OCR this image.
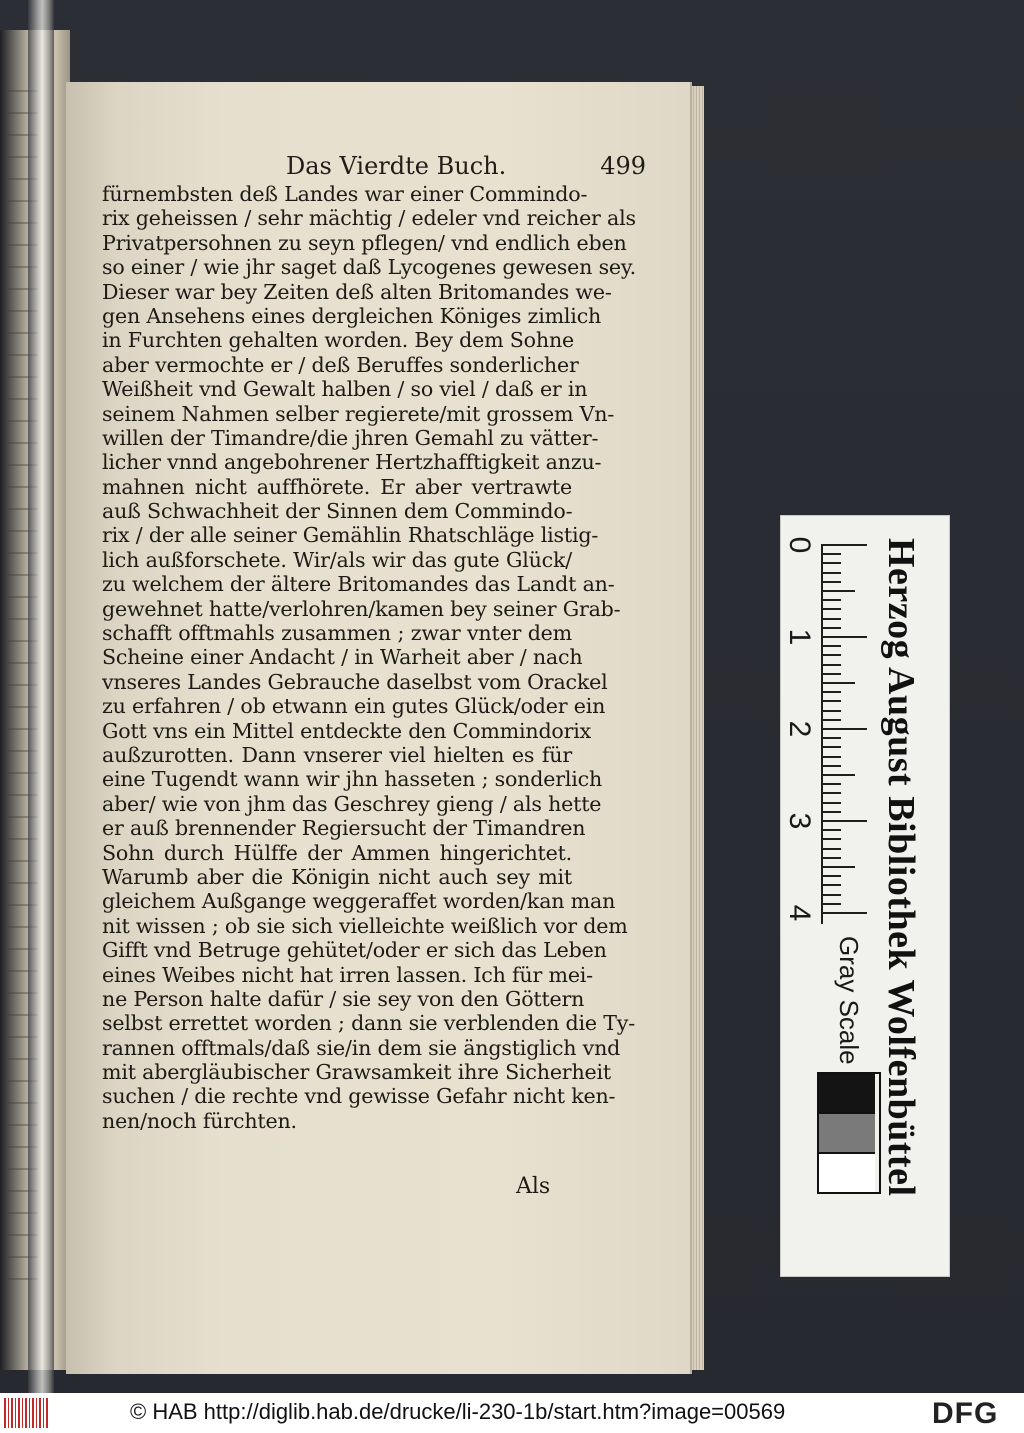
Das Vierdte Buch.	499
fürnembsten deß Landes war einer Commindo-
rix geheissen / sehr mächtig / edeler vnd reicher als
Privatpersohnen zu seyn pflegen/ vnd endlich eben
so einer / wie jhr saget daß Lycogenes gewesen sey.
Dieser war bey Zeiten deß alten Britomandes we-
gen Ansehens eines dergleichen Königes zimlich
in Furchten gehalten worden. Bey dem Sohne
aber vermochte er / deß Beruffes sonderlicher
Weißheit vnd Gewalt halben / so viel / daß er in
seinem Nahmen selber regierete/mit grossem Vn-
willen der Timandre/die jhren Gemahl zu vätter-
licher vnnd angebohrener Hertzhafftigkeit anzu-
mahnen nicht auffhörete. Er aber vertrawte
auß Schwachheit der Sinnen dem Commindo-
rix / der alle seiner Gemählin Rhatschläge listig-
lich außforschete. Wir/als wir das gute Glück/
zu welchem der ältere Britomandes das Landt an-
gewehnet hatte/verlohren/kamen bey seiner Grab-
schafft offtmahls zusammen ; zwar vnter dem
Scheine einer Andacht / in Warheit aber / nach
vnseres Landes Gebrauche daselbst vom Orackel
zu erfahren / ob etwann ein gutes Glück/oder ein
Gott vns ein Mittel entdeckte den Commindorix
außzurotten. Dann vnserer viel hielten es für
eine Tugendt wann wir jhn hasseten ; sonderlich
aber/ wie von jhm das Geschrey gieng / als hette
er auß brennender Regiersucht der Timandren
Sohn durch Hülffe der Ammen hingerichtet.
Warumb aber die Königin nicht auch sey mit
gleichem Außgange weggeraffet worden/kan man
nit wissen ; ob sie sich vielleichte weißlich vor dem
Gifft vnd Betruge gehütet/oder er sich das Leben
eines Weibes nicht hat irren lassen. Ich für mei-
ne Person halte dafür / sie sey von den Göttern
selbst errettet worden ; dann sie verblenden die Ty-
rannen offtmals/daß sie/in dem sie ängstiglich vnd
mit abergläubischer Grawsamkeit ihre Sicherheit
suchen / die rechte vnd gewisse Gefahr nicht ken-
nen/noch fürchten.
Als
0
1
2
3
4 Herzog August Bibliothek Wolfenbüttel
Gray Scale
© HAB http://diglib.hab.de/drucke/li-230-1b/start.htm?image=00569	DFG
